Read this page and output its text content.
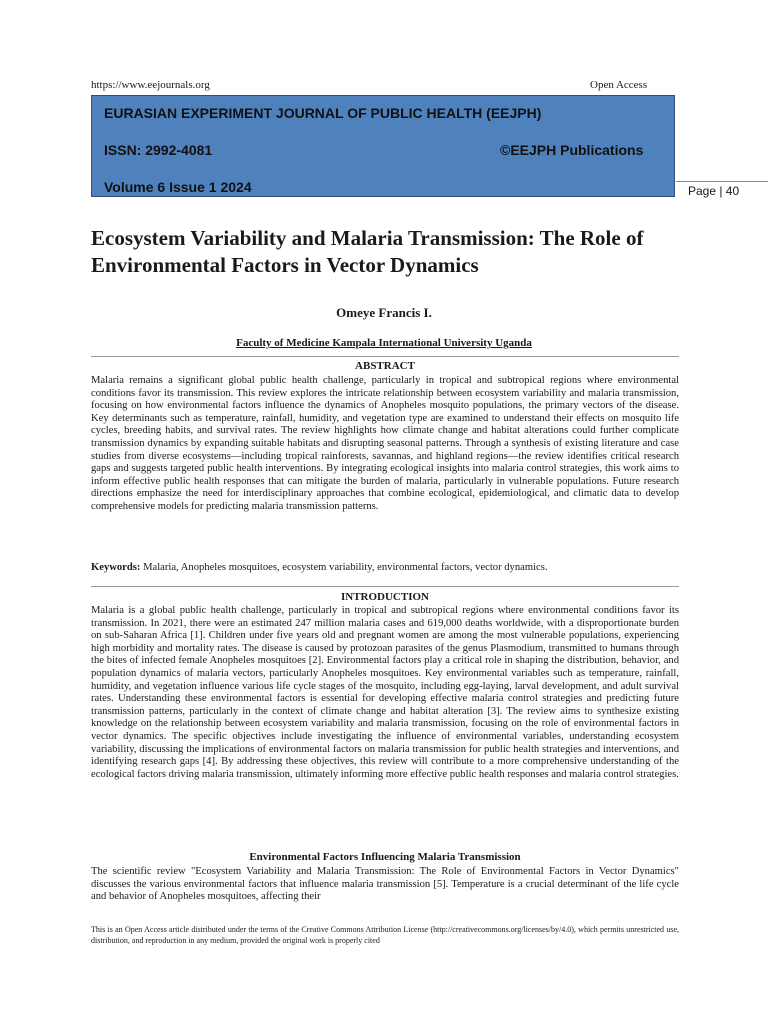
https://www.eejournals.org	Open Access
EURASIAN EXPERIMENT JOURNAL OF PUBLIC HEALTH (EEJPH)
ISSN: 2992-4081	©EEJPH Publications
Volume 6 Issue 1 2024	Page | 40
Ecosystem Variability and Malaria Transmission: The Role of Environmental Factors in Vector Dynamics
Omeye Francis I.
Faculty of Medicine Kampala International University Uganda
ABSTRACT
Malaria remains a significant global public health challenge, particularly in tropical and subtropical regions where environmental conditions favor its transmission. This review explores the intricate relationship between ecosystem variability and malaria transmission, focusing on how environmental factors influence the dynamics of Anopheles mosquito populations, the primary vectors of the disease. Key determinants such as temperature, rainfall, humidity, and vegetation type are examined to understand their effects on mosquito life cycles, breeding habits, and survival rates. The review highlights how climate change and habitat alterations could further complicate transmission dynamics by expanding suitable habitats and disrupting seasonal patterns. Through a synthesis of existing literature and case studies from diverse ecosystems—including tropical rainforests, savannas, and highland regions—the review identifies critical research gaps and suggests targeted public health interventions. By integrating ecological insights into malaria control strategies, this work aims to inform effective public health responses that can mitigate the burden of malaria, particularly in vulnerable populations. Future research directions emphasize the need for interdisciplinary approaches that combine ecological, epidemiological, and climatic data to develop comprehensive models for predicting malaria transmission patterns.
Keywords: Malaria, Anopheles mosquitoes, ecosystem variability, environmental factors, vector dynamics.
INTRODUCTION
Malaria is a global public health challenge, particularly in tropical and subtropical regions where environmental conditions favor its transmission. In 2021, there were an estimated 247 million malaria cases and 619,000 deaths worldwide, with a disproportionate burden on sub-Saharan Africa [1]. Children under five years old and pregnant women are among the most vulnerable populations, experiencing high morbidity and mortality rates. The disease is caused by protozoan parasites of the genus Plasmodium, transmitted to humans through the bites of infected female Anopheles mosquitoes [2]. Environmental factors play a critical role in shaping the distribution, behavior, and population dynamics of malaria vectors, particularly Anopheles mosquitoes. Key environmental variables such as temperature, rainfall, humidity, and vegetation influence various life cycle stages of the mosquito, including egg-laying, larval development, and adult survival rates. Understanding these environmental factors is essential for developing effective malaria control strategies and predicting future transmission patterns, particularly in the context of climate change and habitat alteration [3]. The review aims to synthesize existing knowledge on the relationship between ecosystem variability and malaria transmission, focusing on the role of environmental factors in vector dynamics. The specific objectives include investigating the influence of environmental variables, understanding ecosystem variability, discussing the implications of environmental factors on malaria transmission for public health strategies and interventions, and identifying research gaps [4]. By addressing these objectives, this review will contribute to a more comprehensive understanding of the ecological factors driving malaria transmission, ultimately informing more effective public health responses and malaria control strategies.
Environmental Factors Influencing Malaria Transmission
The scientific review "Ecosystem Variability and Malaria Transmission: The Role of Environmental Factors in Vector Dynamics" discusses the various environmental factors that influence malaria transmission [5]. Temperature is a crucial determinant of the life cycle and behavior of Anopheles mosquitoes, affecting their
This is an Open Access article distributed under the terms of the Creative Commons Attribution License (http://creativecommons.org/licenses/by/4.0), which permits unrestricted use, distribution, and reproduction in any medium, provided the original work is properly cited
